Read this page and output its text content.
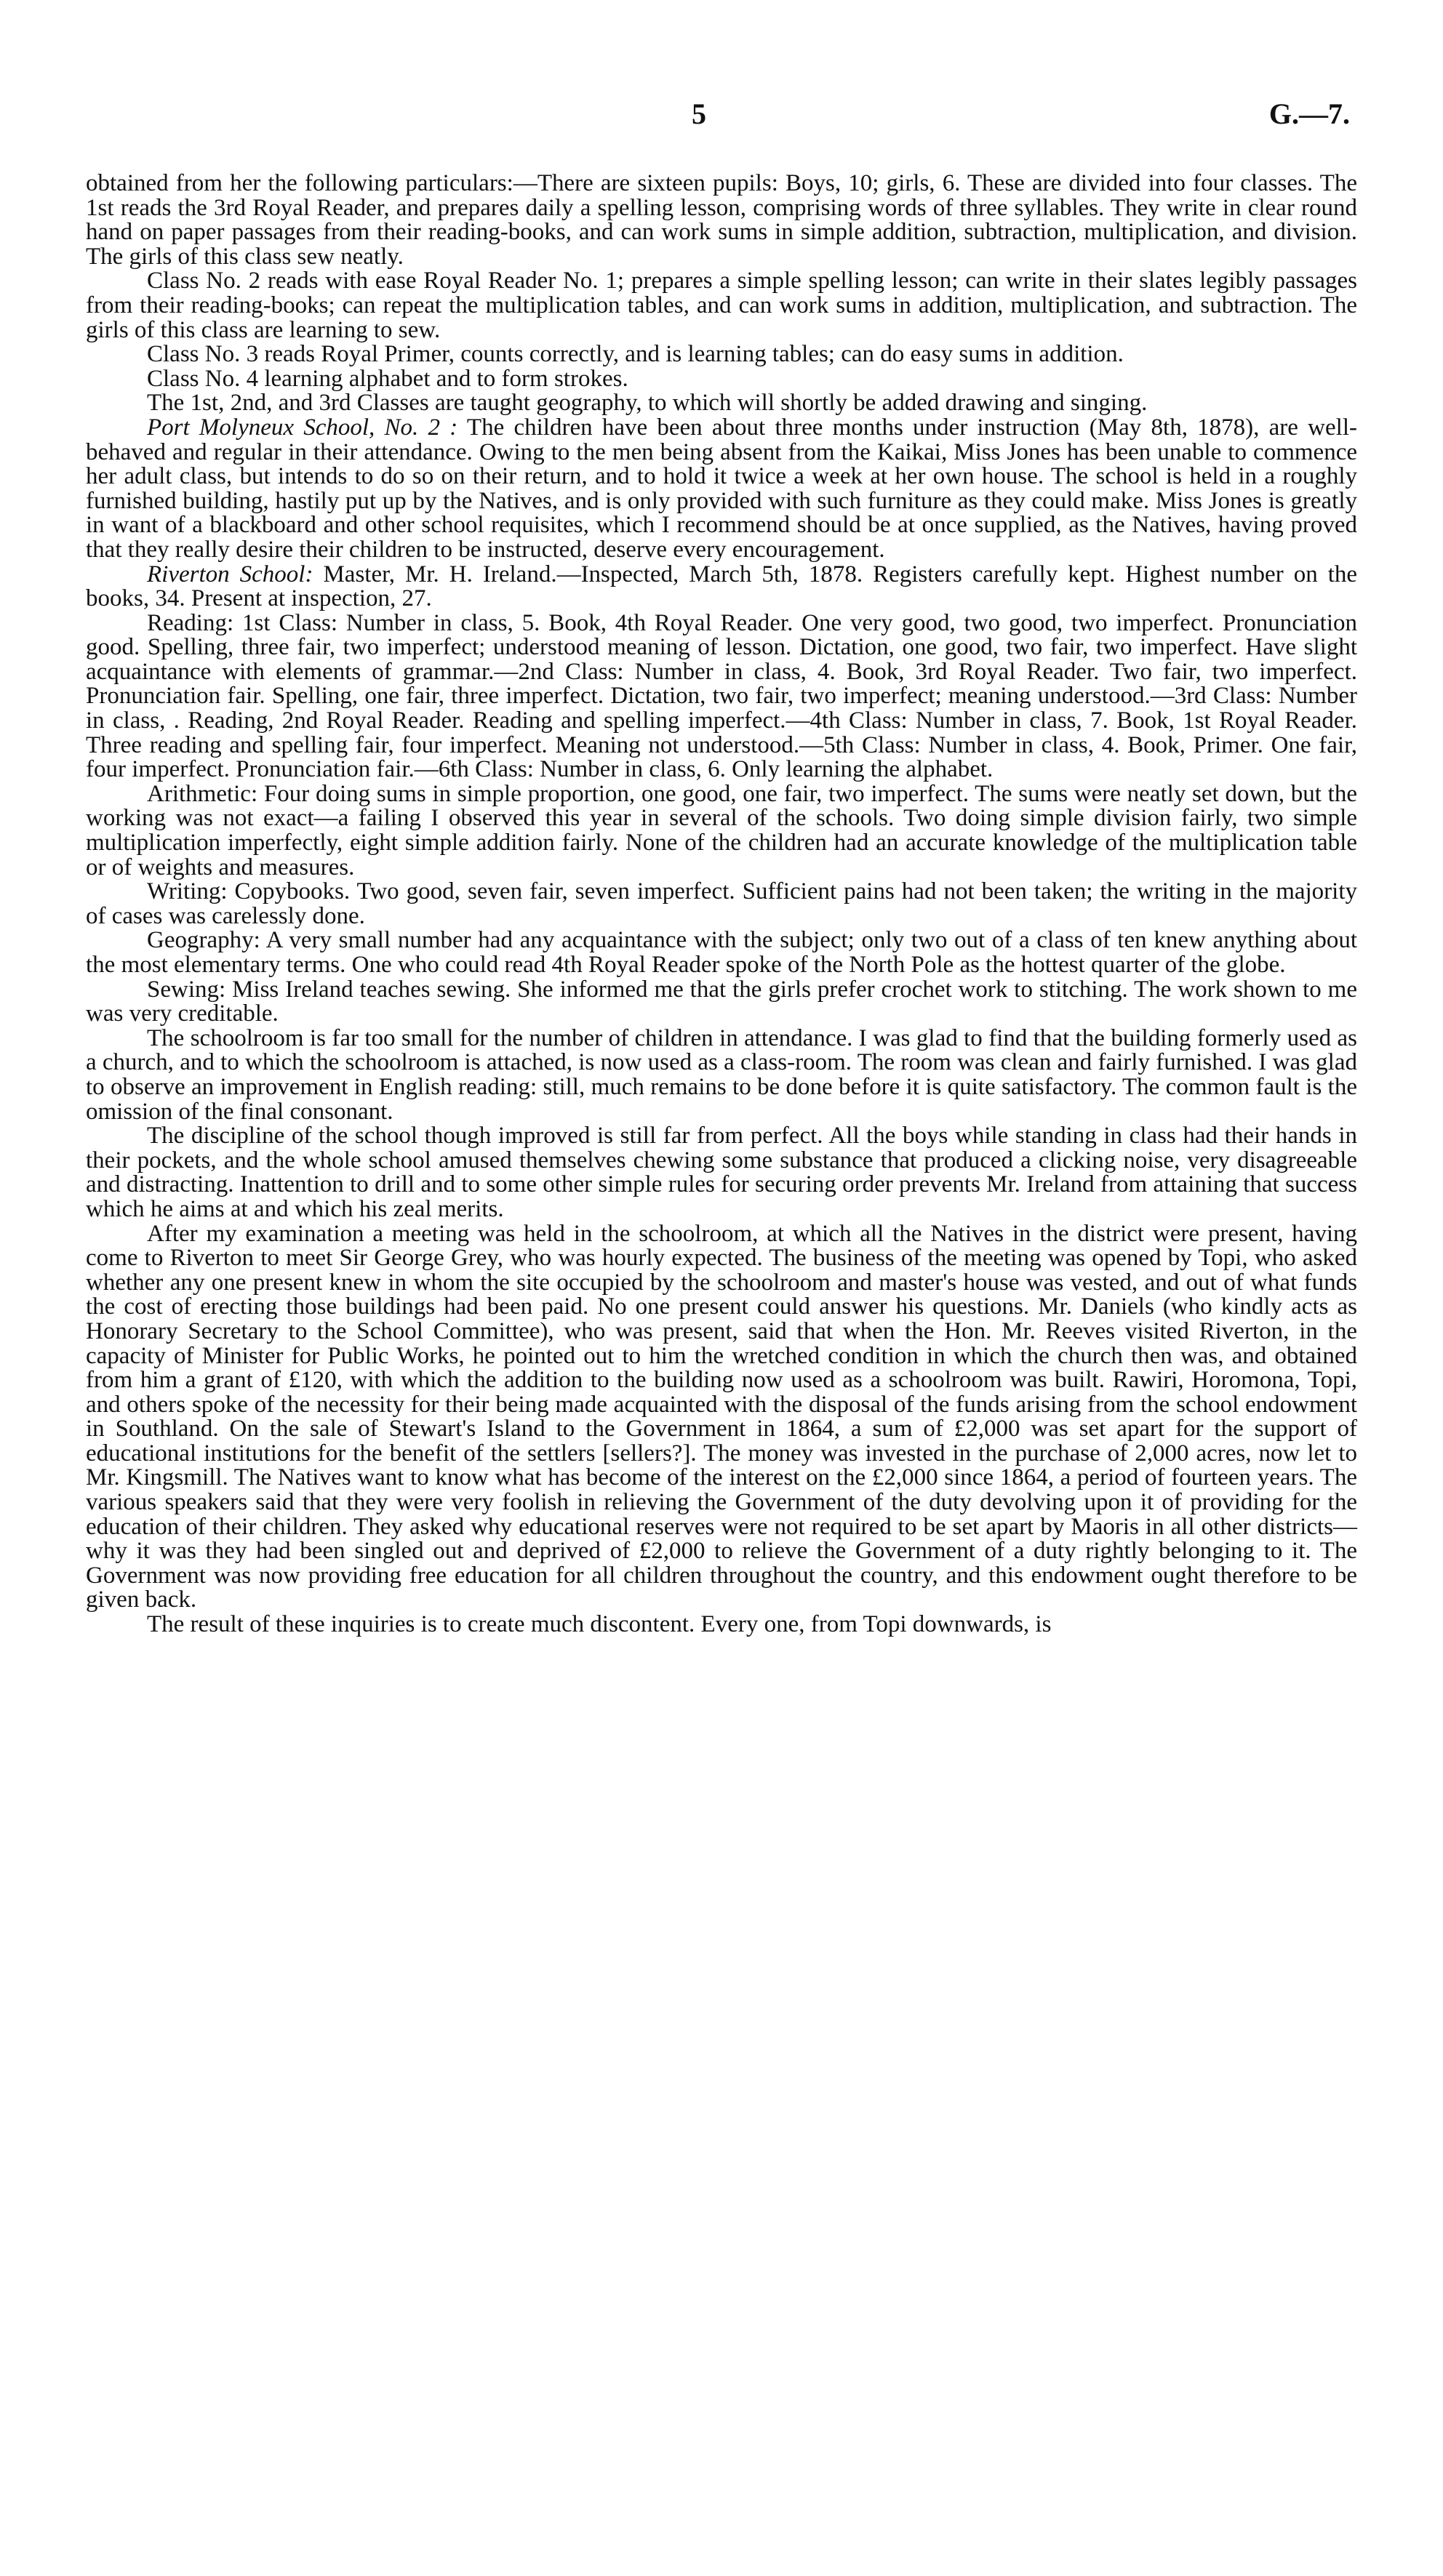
5	G.—7.

obtained from her the following particulars:—There are sixteen pupils: Boys, 10; girls, 6. These are divided into four classes. The 1st reads the 3rd Royal Reader, and prepares daily a spelling lesson, comprising words of three syllables. They write in clear round hand on paper passages from their reading-books, and can work sums in simple addition, subtraction, multiplication, and division. The girls of this class sew neatly.

Class No. 2 reads with ease Royal Reader No. 1; prepares a simple spelling lesson; can write in their slates legibly passages from their reading-books; can repeat the multiplication tables, and can work sums in addition, multiplication, and subtraction. The girls of this class are learning to sew.

Class No. 3 reads Royal Primer, counts correctly, and is learning tables; can do easy sums in addition.

Class No. 4 learning alphabet and to form strokes.

The 1st, 2nd, and 3rd Classes are taught geography, to which will shortly be added drawing and singing.

Port Molyneux School, No. 2 : The children have been about three months under instruction (May 8th, 1878), are well-behaved and regular in their attendance. Owing to the men being absent from the Kaikai, Miss Jones has been unable to commence her adult class, but intends to do so on their return, and to hold it twice a week at her own house. The school is held in a roughly furnished building, hastily put up by the Natives, and is only provided with such furniture as they could make. Miss Jones is greatly in want of a blackboard and other school requisites, which I recommend should be at once supplied, as the Natives, having proved that they really desire their children to be instructed, deserve every encouragement.

Riverton School: Master, Mr. H. Ireland.—Inspected, March 5th, 1878. Registers carefully kept. Highest number on the books, 34. Present at inspection, 27.

Reading: 1st Class: Number in class, 5. Book, 4th Royal Reader. One very good, two good, two imperfect. Pronunciation good. Spelling, three fair, two imperfect; understood meaning of lesson. Dictation, one good, two fair, two imperfect. Have slight acquaintance with elements of grammar.—2nd Class: Number in class, 4. Book, 3rd Royal Reader. Two fair, two imperfect. Pronunciation fair. Spelling, one fair, three imperfect. Dictation, two fair, two imperfect; meaning understood.—3rd Class: Number in class, . Reading, 2nd Royal Reader. Reading and spelling imperfect.—4th Class: Number in class, 7. Book, 1st Royal Reader. Three reading and spelling fair, four imperfect. Meaning not understood.—5th Class: Number in class, 4. Book, Primer. One fair, four imperfect. Pronunciation fair.—6th Class: Number in class, 6. Only learning the alphabet.

Arithmetic: Four doing sums in simple proportion, one good, one fair, two imperfect. The sums were neatly set down, but the working was not exact—a failing I observed this year in several of the schools. Two doing simple division fairly, two simple multiplication imperfectly, eight simple addition fairly. None of the children had an accurate knowledge of the multiplication table or of weights and measures.

Writing: Copybooks. Two good, seven fair, seven imperfect. Sufficient pains had not been taken; the writing in the majority of cases was carelessly done.

Geography: A very small number had any acquaintance with the subject; only two out of a class of ten knew anything about the most elementary terms. One who could read 4th Royal Reader spoke of the North Pole as the hottest quarter of the globe.

Sewing: Miss Ireland teaches sewing. She informed me that the girls prefer crochet work to stitching. The work shown to me was very creditable.

The schoolroom is far too small for the number of children in attendance. I was glad to find that the building formerly used as a church, and to which the schoolroom is attached, is now used as a class-room. The room was clean and fairly furnished. I was glad to observe an improvement in English reading: still, much remains to be done before it is quite satisfactory. The common fault is the omission of the final consonant.

The discipline of the school though improved is still far from perfect. All the boys while standing in class had their hands in their pockets, and the whole school amused themselves chewing some substance that produced a clicking noise, very disagreeable and distracting. Inattention to drill and to some other simple rules for securing order prevents Mr. Ireland from attaining that success which he aims at and which his zeal merits.

After my examination a meeting was held in the schoolroom, at which all the Natives in the district were present, having come to Riverton to meet Sir George Grey, who was hourly expected. The business of the meeting was opened by Topi, who asked whether any one present knew in whom the site occupied by the schoolroom and master's house was vested, and out of what funds the cost of erecting those buildings had been paid. No one present could answer his questions. Mr. Daniels (who kindly acts as Honorary Secretary to the School Committee), who was present, said that when the Hon. Mr. Reeves visited Riverton, in the capacity of Minister for Public Works, he pointed out to him the wretched condition in which the church then was, and obtained from him a grant of £120, with which the addition to the building now used as a schoolroom was built. Rawiri, Horomona, Topi, and others spoke of the necessity for their being made acquainted with the disposal of the funds arising from the school endowment in Southland. On the sale of Stewart's Island to the Government in 1864, a sum of £2,000 was set apart for the support of educational institutions for the benefit of the settlers [sellers?]. The money was invested in the purchase of 2,000 acres, now let to Mr. Kingsmill. The Natives want to know what has become of the interest on the £2,000 since 1864, a period of fourteen years. The various speakers said that they were very foolish in relieving the Government of the duty devolving upon it of providing for the education of their children. They asked why educational reserves were not required to be set apart by Maoris in all other districts—why it was they had been singled out and deprived of £2,000 to relieve the Government of a duty rightly belonging to it. The Government was now providing free education for all children throughout the country, and this endowment ought therefore to be given back.

The result of these inquiries is to create much discontent. Every one, from Topi downwards, is
